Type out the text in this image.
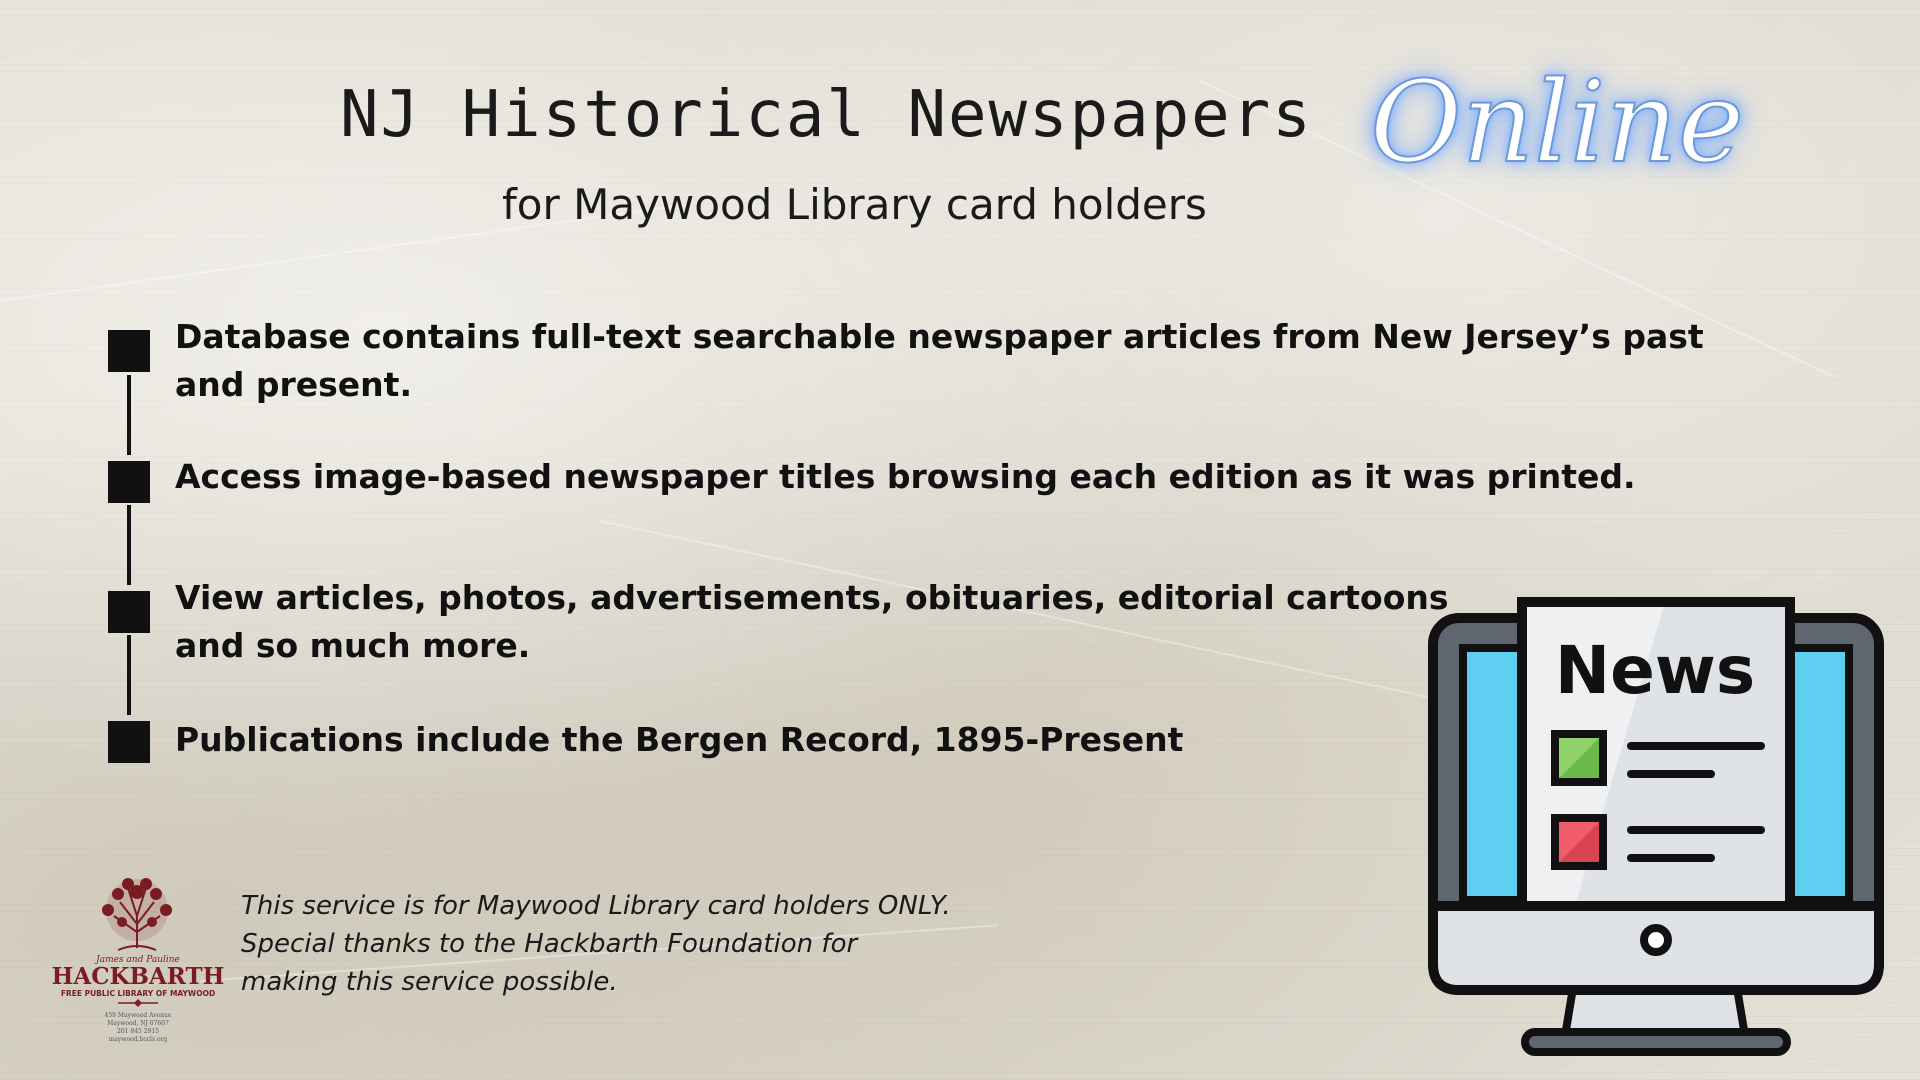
NJ Historical Newspapers Online
for Maywood Library card holders
Database contains full-text searchable newspaper articles from New Jersey’s past
and present.
Access image-based newspaper titles browsing each edition as it was printed.
View articles, photos, advertisements, obituaries, editorial cartoons
and so much more.
Publications include the Bergen Record, 1895-Present
James and Pauline
HACKBARTH
FREE PUBLIC LIBRARY OF MAYWOOD
459 Maywood Avenue
Maywood, NJ 07607
201 845 2915
maywood.bccls.org
This service is for Maywood Library card holders ONLY.
Special thanks to the Hackbarth Foundation for
making this service possible.
News
